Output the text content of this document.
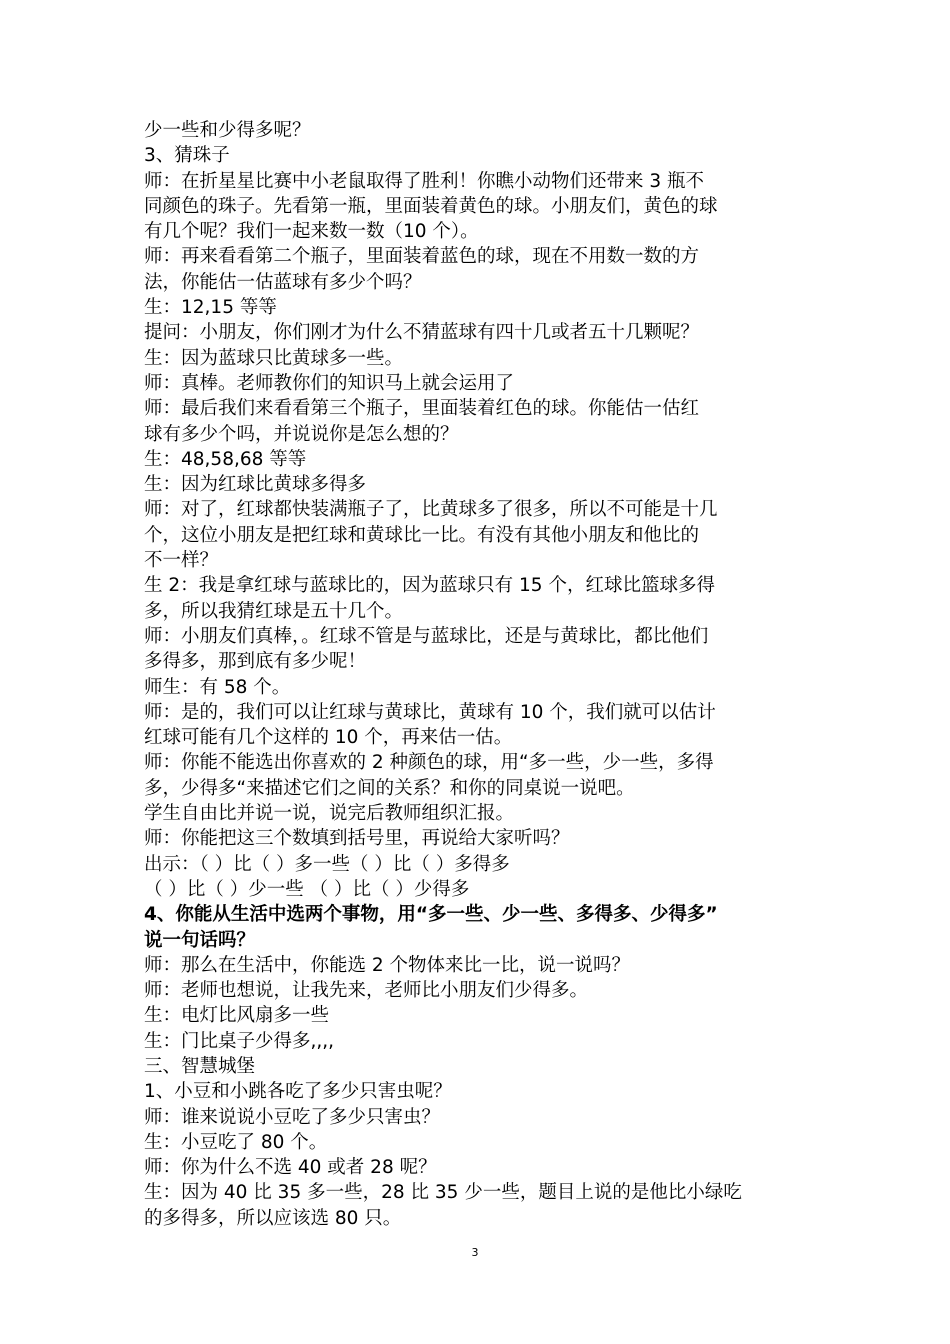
少一些和少得多呢？
3、猜珠子
师：在折星星比赛中小老鼠取得了胜利！你瞧小动物们还带来 3 瓶不
同颜色的珠子。先看第一瓶，里面装着黄色的球。小朋友们，黄色的球
有几个呢？我们一起来数一数（10 个）。
师：再来看看第二个瓶子，里面装着蓝色的球，现在不用数一数的方
法，你能估一估蓝球有多少个吗？
生：12,15 等等
提问：小朋友，你们刚才为什么不猜蓝球有四十几或者五十几颗呢？
生：因为蓝球只比黄球多一些。
师：真棒。老师教你们的知识马上就会运用了
师：最后我们来看看第三个瓶子，里面装着红色的球。你能估一估红
球有多少个吗，并说说你是怎么想的？
生：48,58,68 等等
生：因为红球比黄球多得多
师：对了，红球都快装满瓶子了，比黄球多了很多，所以不可能是十几
个，这位小朋友是把红球和黄球比一比。有没有其他小朋友和他比的
不一样？
生 2：我是拿红球与蓝球比的，因为蓝球只有 15 个，红球比篮球多得
多，所以我猜红球是五十几个。
师：小朋友们真棒，。红球不管是与蓝球比，还是与黄球比，都比他们
多得多，那到底有多少呢！
师生：有 58 个。
师：是的，我们可以让红球与黄球比，黄球有 10 个，我们就可以估计
红球可能有几个这样的 10 个，再来估一估。
师：你能不能选出你喜欢的 2 种颜色的球，用“多一些，少一些，多得
多，少得多“来描述它们之间的关系？和你的同桌说一说吧。
学生自由比并说一说，说完后教师组织汇报。
师：你能把这三个数填到括号里，再说给大家听吗？
出示：（ ）比（ ）多一些（ ）比（ ）多得多
（ ）比（ ）少一些 （ ）比（ ）少得多
4、你能从生活中选两个事物，用“多一些、少一些、多得多、少得多”
说一句话吗？
师：那么在生活中，你能选 2 个物体来比一比，说一说吗？
师：老师也想说，让我先来，老师比小朋友们少得多。
生：电灯比风扇多一些
生：门比桌子少得多,,,,
三、智慧城堡
1、小豆和小跳各吃了多少只害虫呢？
师：谁来说说小豆吃了多少只害虫？
生：小豆吃了 80 个。
师：你为什么不选 40 或者 28 呢？
生：因为 40 比 35 多一些，28 比 35 少一些，题目上说的是他比小绿吃
的多得多，所以应该选 80 只。
3
